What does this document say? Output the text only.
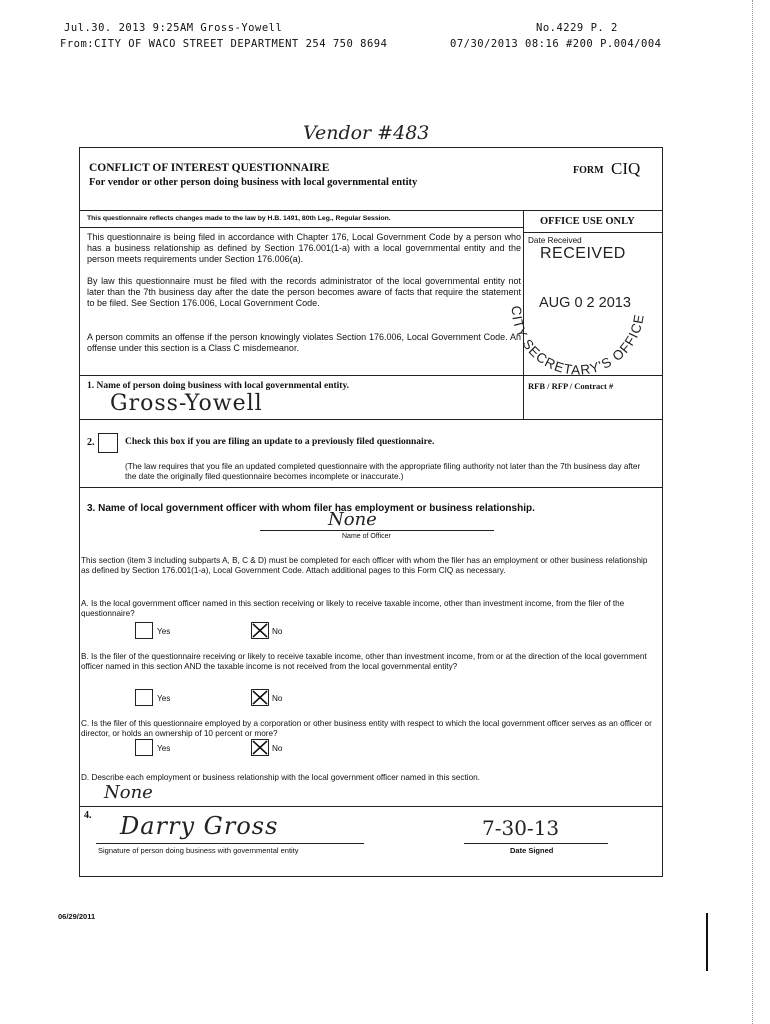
Jul.30. 2013 9:25AM Gross-Yowell	No.4229 P. 2
From:CITY OF WACO STREET DEPARTMENT 254 750 8694	07/30/2013 08:16 #200 P.004/004
Vendor #483
CONFLICT OF INTEREST QUESTIONNAIRE
For vendor or other person doing business with local governmental entity
FORM CIQ
This questionnaire reflects changes made to the law by H.B. 1491, 80th Leg., Regular Session.
This questionnaire is being filed in accordance with Chapter 176, Local Government Code by a person who has a business relationship as defined by Section 176.001(1-a) with a local governmental entity and the person meets requirements under Section 176.006(a).
By law this questionnaire must be filed with the records administrator of the local governmental entity not later than the 7th business day after the date the person becomes aware of facts that require the statement to be filed. See Section 176.006, Local Government Code.
A person commits an offense if the person knowingly violates Section 176.006, Local Government Code. An offense under this section is a Class C misdemeanor.
OFFICE USE ONLY
Date Received
RECEIVED
AUG 0 2 2013
CITY SECRETARY'S OFFICE
1. Name of person doing business with local governmental entity.	RFB / RFP / Contract #
Gross-Yowell
2.	Check this box if you are filing an update to a previously filed questionnaire.
(The law requires that you file an updated completed questionnaire with the appropriate filing authority not later than the 7th business day after the date the originally filed questionnaire becomes incomplete or inaccurate.)
3. Name of local government officer with whom filer has employment or business relationship.
None
Name of Officer
This section (item 3 including subparts A, B, C & D) must be completed for each officer with whom the filer has an employment or other business relationship as defined by Section 176.001(1-a), Local Government Code. Attach additional pages to this Form CIQ as necessary.
A. Is the local government officer named in this section receiving or likely to receive taxable income, other than investment income, from the filer of the questionnaire?
Yes	No
B. Is the filer of the questionnaire receiving or likely to receive taxable income, other than investment income, from or at the direction of the local government officer named in this section AND the taxable income is not received from the local governmental entity?
Yes	No
C. Is the filer of this questionnaire employed by a corporation or other business entity with respect to which the local government officer serves as an officer or director, or holds an ownership of 10 percent or more?
Yes	No
D. Describe each employment or business relationship with the local government officer named in this section.
None
4. Darry Gross
Signature of person doing business with governmental entity
7-30-13
Date Signed
06/29/2011
